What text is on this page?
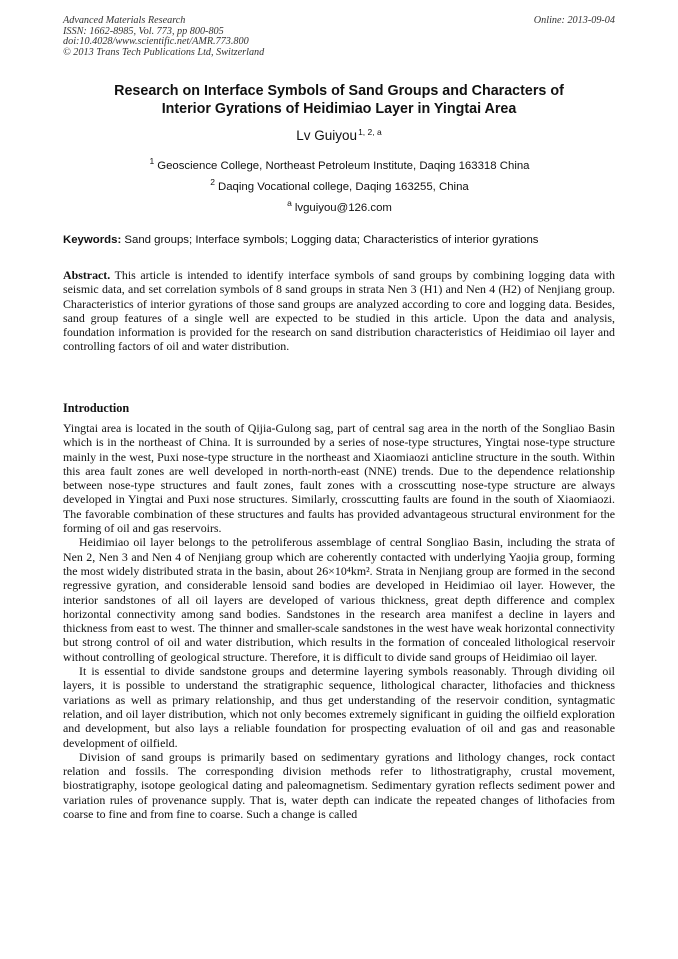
Advanced Materials Research
ISSN: 1662-8985, Vol. 773, pp 800-805
doi:10.4028/www.scientific.net/AMR.773.800
© 2013 Trans Tech Publications Ltd, Switzerland
Online: 2013-09-04
Research on Interface Symbols of Sand Groups and Characters of
Interior Gyrations of Heidimiao Layer in Yingtai Area
Lv Guiyou$^{1, 2, a}$
$^1$ Geoscience College, Northeast Petroleum Institute, Daqing 163318 China
$^2$ Daqing Vocational college, Daqing 163255, China
$^a$ lvguiyou@126.com
Keywords: Sand groups; Interface symbols; Logging data; Characteristics of interior gyrations
Abstract. This article is intended to identify interface symbols of sand groups by combining logging data with seismic data, and set correlation symbols of 8 sand groups in strata Nen 3 (H1) and Nen 4 (H2) of Nenjiang group. Characteristics of interior gyrations of those sand groups are analyzed according to core and logging data. Besides, sand group features of a single well are expected to be studied in this article. Upon the data and analysis, foundation information is provided for the research on sand distribution characteristics of Heidimiao oil layer and controlling factors of oil and water distribution.
Introduction

Yingtai area is located in the south of Qijia-Gulong sag, part of central sag area in the north of the Songliao Basin which is in the northeast of China. It is surrounded by a series of nose-type structures, Yingtai nose-type structure mainly in the west, Puxi nose-type structure in the northeast and Xiaomiaozi anticline structure in the south. Within this area fault zones are well developed in north-north-east (NNE) trends. Due to the dependence relationship between nose-type structures and fault zones, fault zones with a crosscutting nose-type structure are always developed in Yingtai and Puxi nose structures. Similarly, crosscutting faults are found in the south of Xiaomiaozi. The favorable combination of these structures and faults has provided advantageous structural environment for the forming of oil and gas reservoirs.

Heidimiao oil layer belongs to the petroliferous assemblage of central Songliao Basin, including the strata of Nen 2, Nen 3 and Nen 4 of Nenjiang group which are coherently contacted with underlying Yaojia group, forming the most widely distributed strata in the basin, about 26×10⁴km². Strata in Nenjiang group are formed in the second regressive gyration, and considerable lensoid sand bodies are developed in Heidimiao oil layer. However, the interior sandstones of all oil layers are developed of various thickness, great depth difference and complex horizontal connectivity among sand bodies. Sandstones in the research area manifest a decline in layers and thickness from east to west. The thinner and smaller-scale sandstones in the west have weak horizontal connectivity but strong control of oil and water distribution, which results in the formation of concealed lithological reservoir without controlling of geological structure. Therefore, it is difficult to divide sand groups of Heidimiao oil layer.

It is essential to divide sandstone groups and determine layering symbols reasonably. Through dividing oil layers, it is possible to understand the stratigraphic sequence, lithological character, lithofacies and thickness variations as well as primary relationship, and thus get understanding of the reservoir condition, syntagmatic relation, and oil layer distribution, which not only becomes extremely significant in guiding the oilfield exploration and development, but also lays a reliable foundation for prospecting evaluation of oil and gas and reasonable development of oilfield.

Division of sand groups is primarily based on sedimentary gyrations and lithology changes, rock contact relation and fossils. The corresponding division methods refer to lithostratigraphy, crustal movement, biostratigraphy, isotope geological dating and paleomagnetism. Sedimentary gyration reflects sediment power and variation rules of provenance supply. That is, water depth can indicate the repeated changes of lithofacies from coarse to fine and from fine to coarse. Such a change is called
